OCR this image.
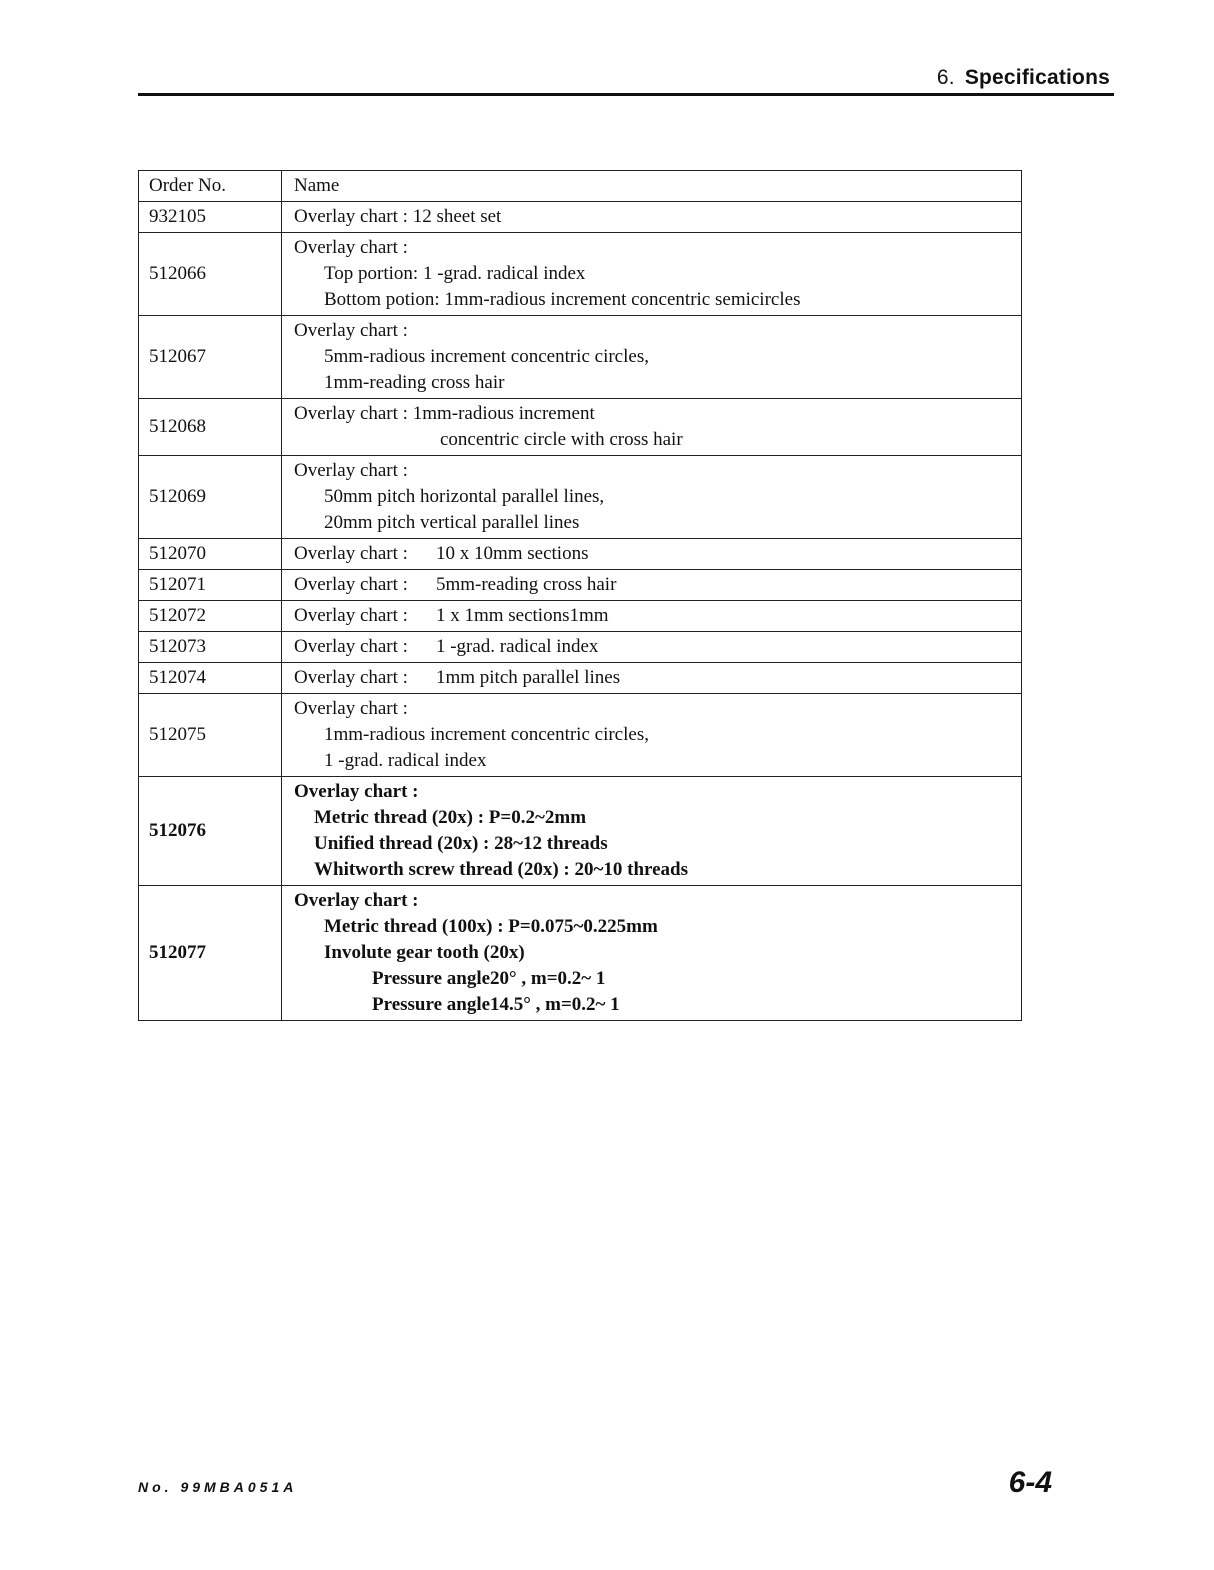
6. Specifications
Order No.	Name
932105	Overlay chart : 12 sheet set
512066	Overlay chart :
Top portion: 1 -grad. radical index
Bottom potion: 1mm-radious increment concentric semicircles

512067	Overlay chart :
5mm-radious increment concentric circles,
1mm-reading cross hair

512068	Overlay chart : 1mm-radious increment
concentric circle with cross hair

512069	Overlay chart :
50mm pitch horizontal parallel lines,
20mm pitch vertical parallel lines

512070	Overlay chart : 10 x 10mm sections
512071	Overlay chart : 5mm-reading cross hair
512072	Overlay chart : 1 x 1mm sections1mm
512073	Overlay chart : 1 -grad. radical index
512074	Overlay chart : 1mm pitch parallel lines
512075	Overlay chart :
1mm-radious increment concentric circles,
1 -grad. radical index

512076	Overlay chart :
Metric thread (20x) : P=0.2~2mm
Unified thread (20x) : 28~12 threads
Whitworth screw thread (20x) : 20~10 threads

512077	Overlay chart :
Metric thread (100x) : P=0.075~0.225mm
Involute gear tooth (20x)
Pressure angle20° , m=0.2~ 1
Pressure angle14.5° , m=0.2~ 1
No. 99MBA051A	6-4
